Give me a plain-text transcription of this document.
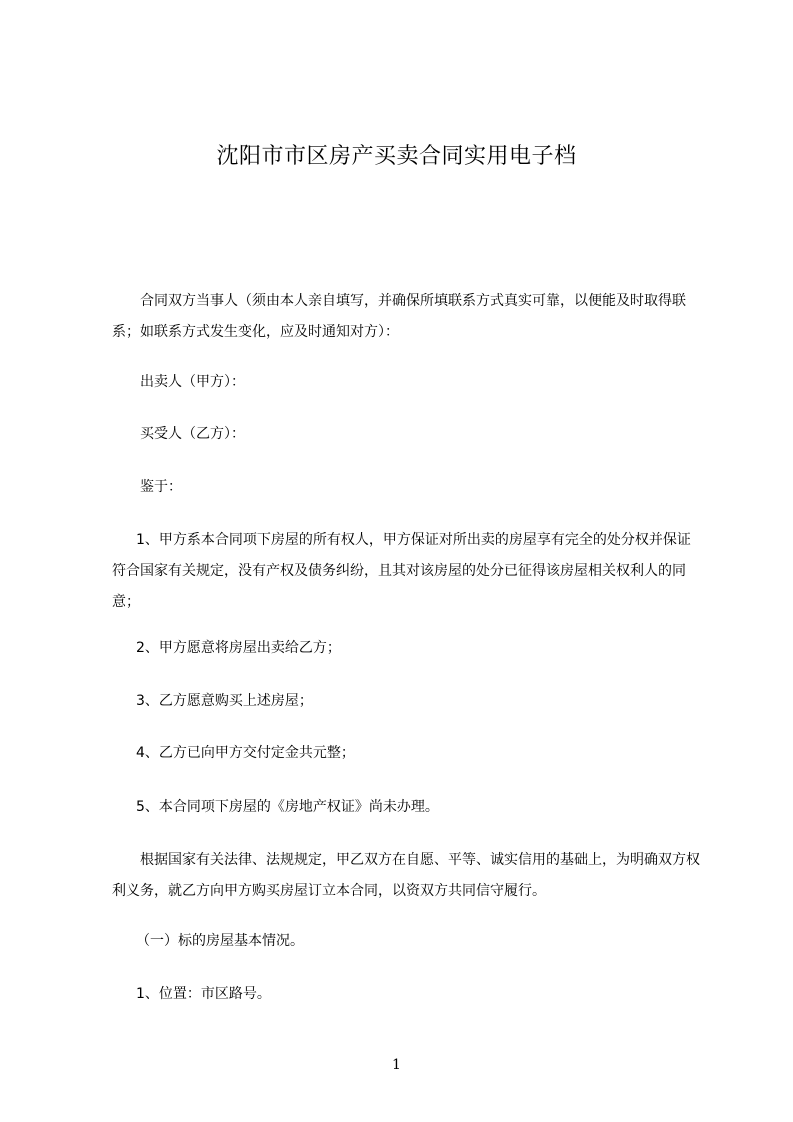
沈阳市市区房产买卖合同实用电子档

合同双方当事人（须由本人亲自填写，并确保所填联系方式真实可靠，以便能及时取得联系；如联系方式发生变化，应及时通知对方）：

出卖人（甲方）：

买受人（乙方）：

鉴于：

1、甲方系本合同项下房屋的所有权人，甲方保证对所出卖的房屋享有完全的处分权并保证符合国家有关规定，没有产权及债务纠纷，且其对该房屋的处分已征得该房屋相关权利人的同意；

2、甲方愿意将房屋出卖给乙方；

3、乙方愿意购买上述房屋；

4、乙方已向甲方交付定金共元整；

5、本合同项下房屋的《房地产权证》尚未办理。

根据国家有关法律、法规规定，甲乙双方在自愿、平等、诚实信用的基础上，为明确双方权利义务，就乙方向甲方购买房屋订立本合同，以资双方共同信守履行。

（一）标的房屋基本情况。

1、位置：市区路号。

1
